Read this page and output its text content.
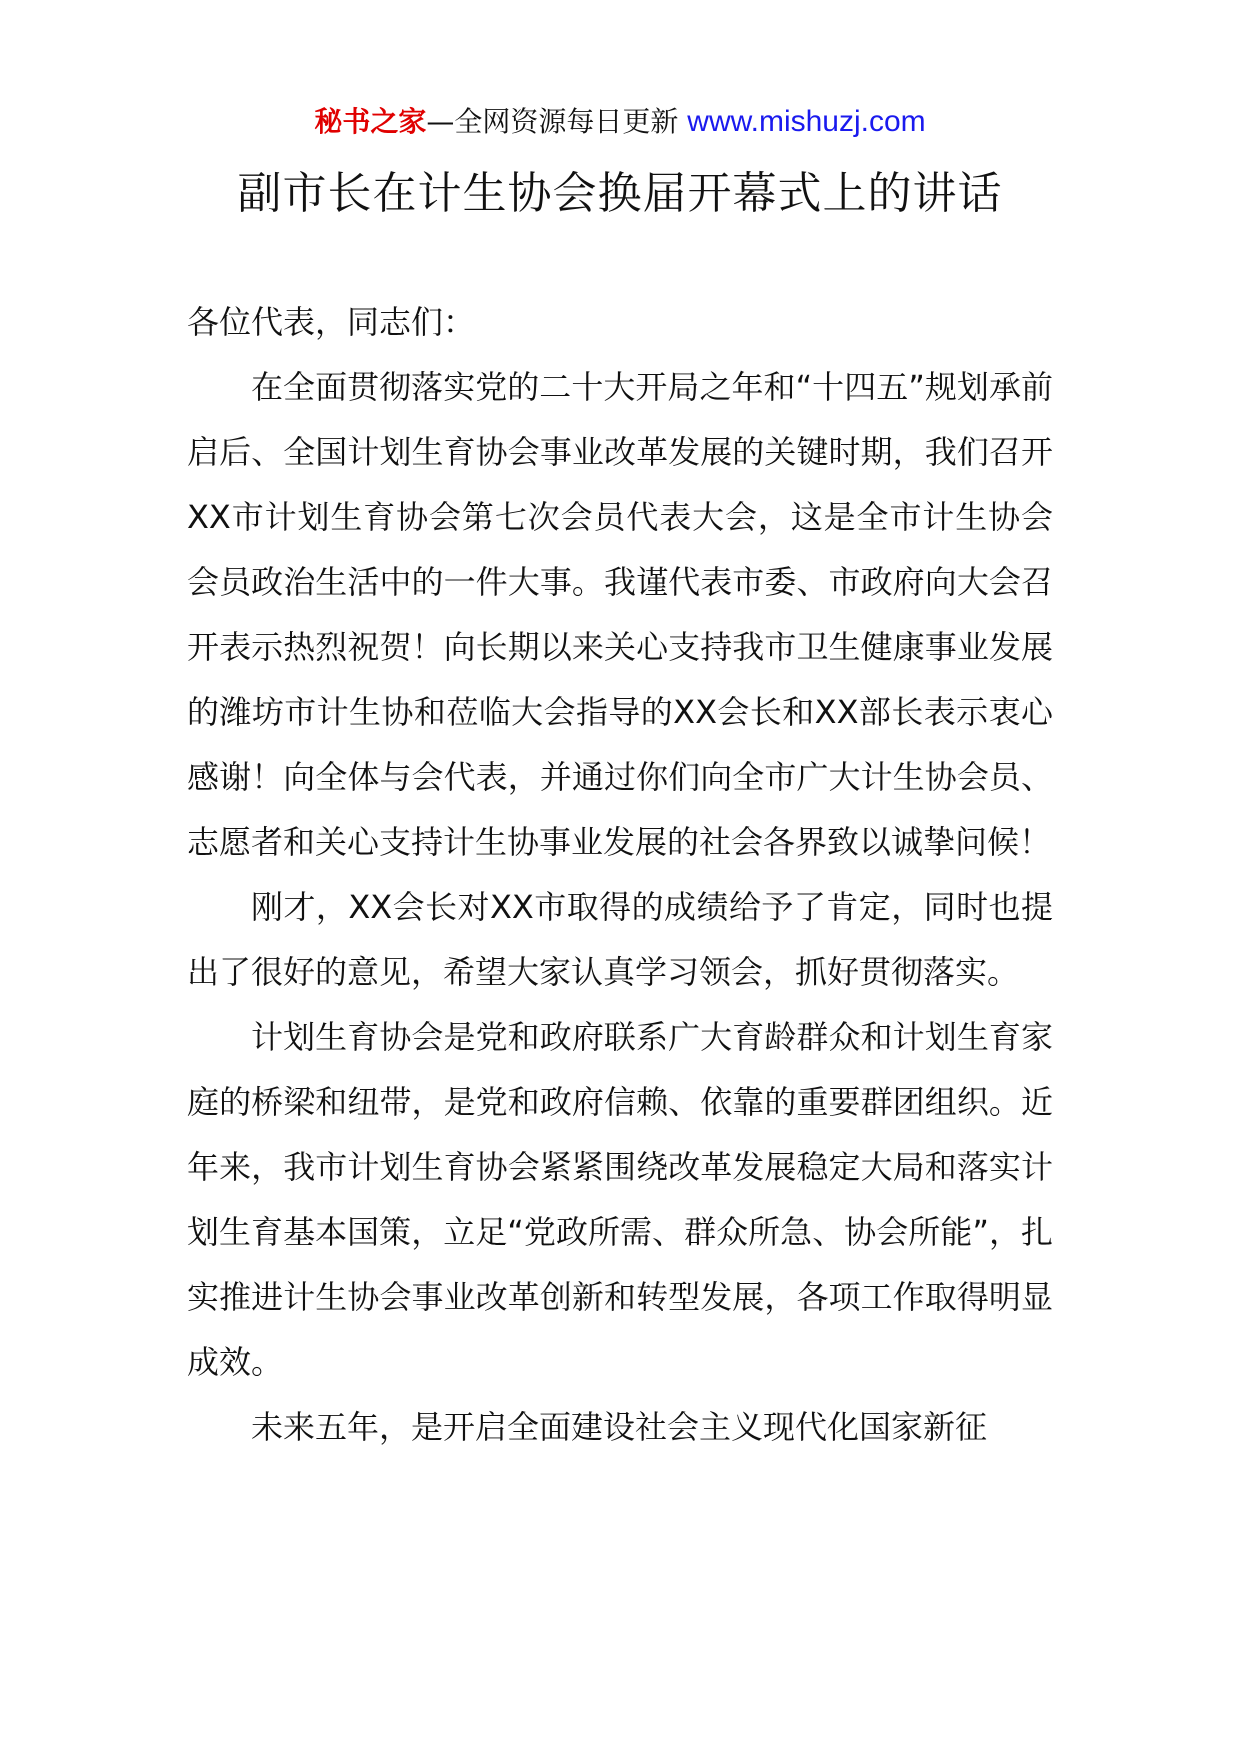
秘书之家—全网资源每日更新 www.mishuzj.com
副市长在计生协会换届开幕式上的讲话

各位代表，同志们：

在全面贯彻落实党的二十大开局之年和“十四五”规划承前启后、全国计划生育协会事业改革发展的关键时期，我们召开XX市计划生育协会第七次会员代表大会，这是全市计生协会会员政治生活中的一件大事。我谨代表市委、市政府向大会召开表示热烈祝贺！向长期以来关心支持我市卫生健康事业发展的潍坊市计生协和莅临大会指导的XX会长和XX部长表示衷心感谢！向全体与会代表，并通过你们向全市广大计生协会员、志愿者和关心支持计生协事业发展的社会各界致以诚挚问候！

刚才，XX会长对XX市取得的成绩给予了肯定，同时也提出了很好的意见，希望大家认真学习领会，抓好贯彻落实。

计划生育协会是党和政府联系广大育龄群众和计划生育家庭的桥梁和纽带，是党和政府信赖、依靠的重要群团组织。近年来，我市计划生育协会紧紧围绕改革发展稳定大局和落实计划生育基本国策，立足“党政所需、群众所急、协会所能”，扎实推进计生协会事业改革创新和转型发展，各项工作取得明显成效。

未来五年，是开启全面建设社会主义现代化国家新征
